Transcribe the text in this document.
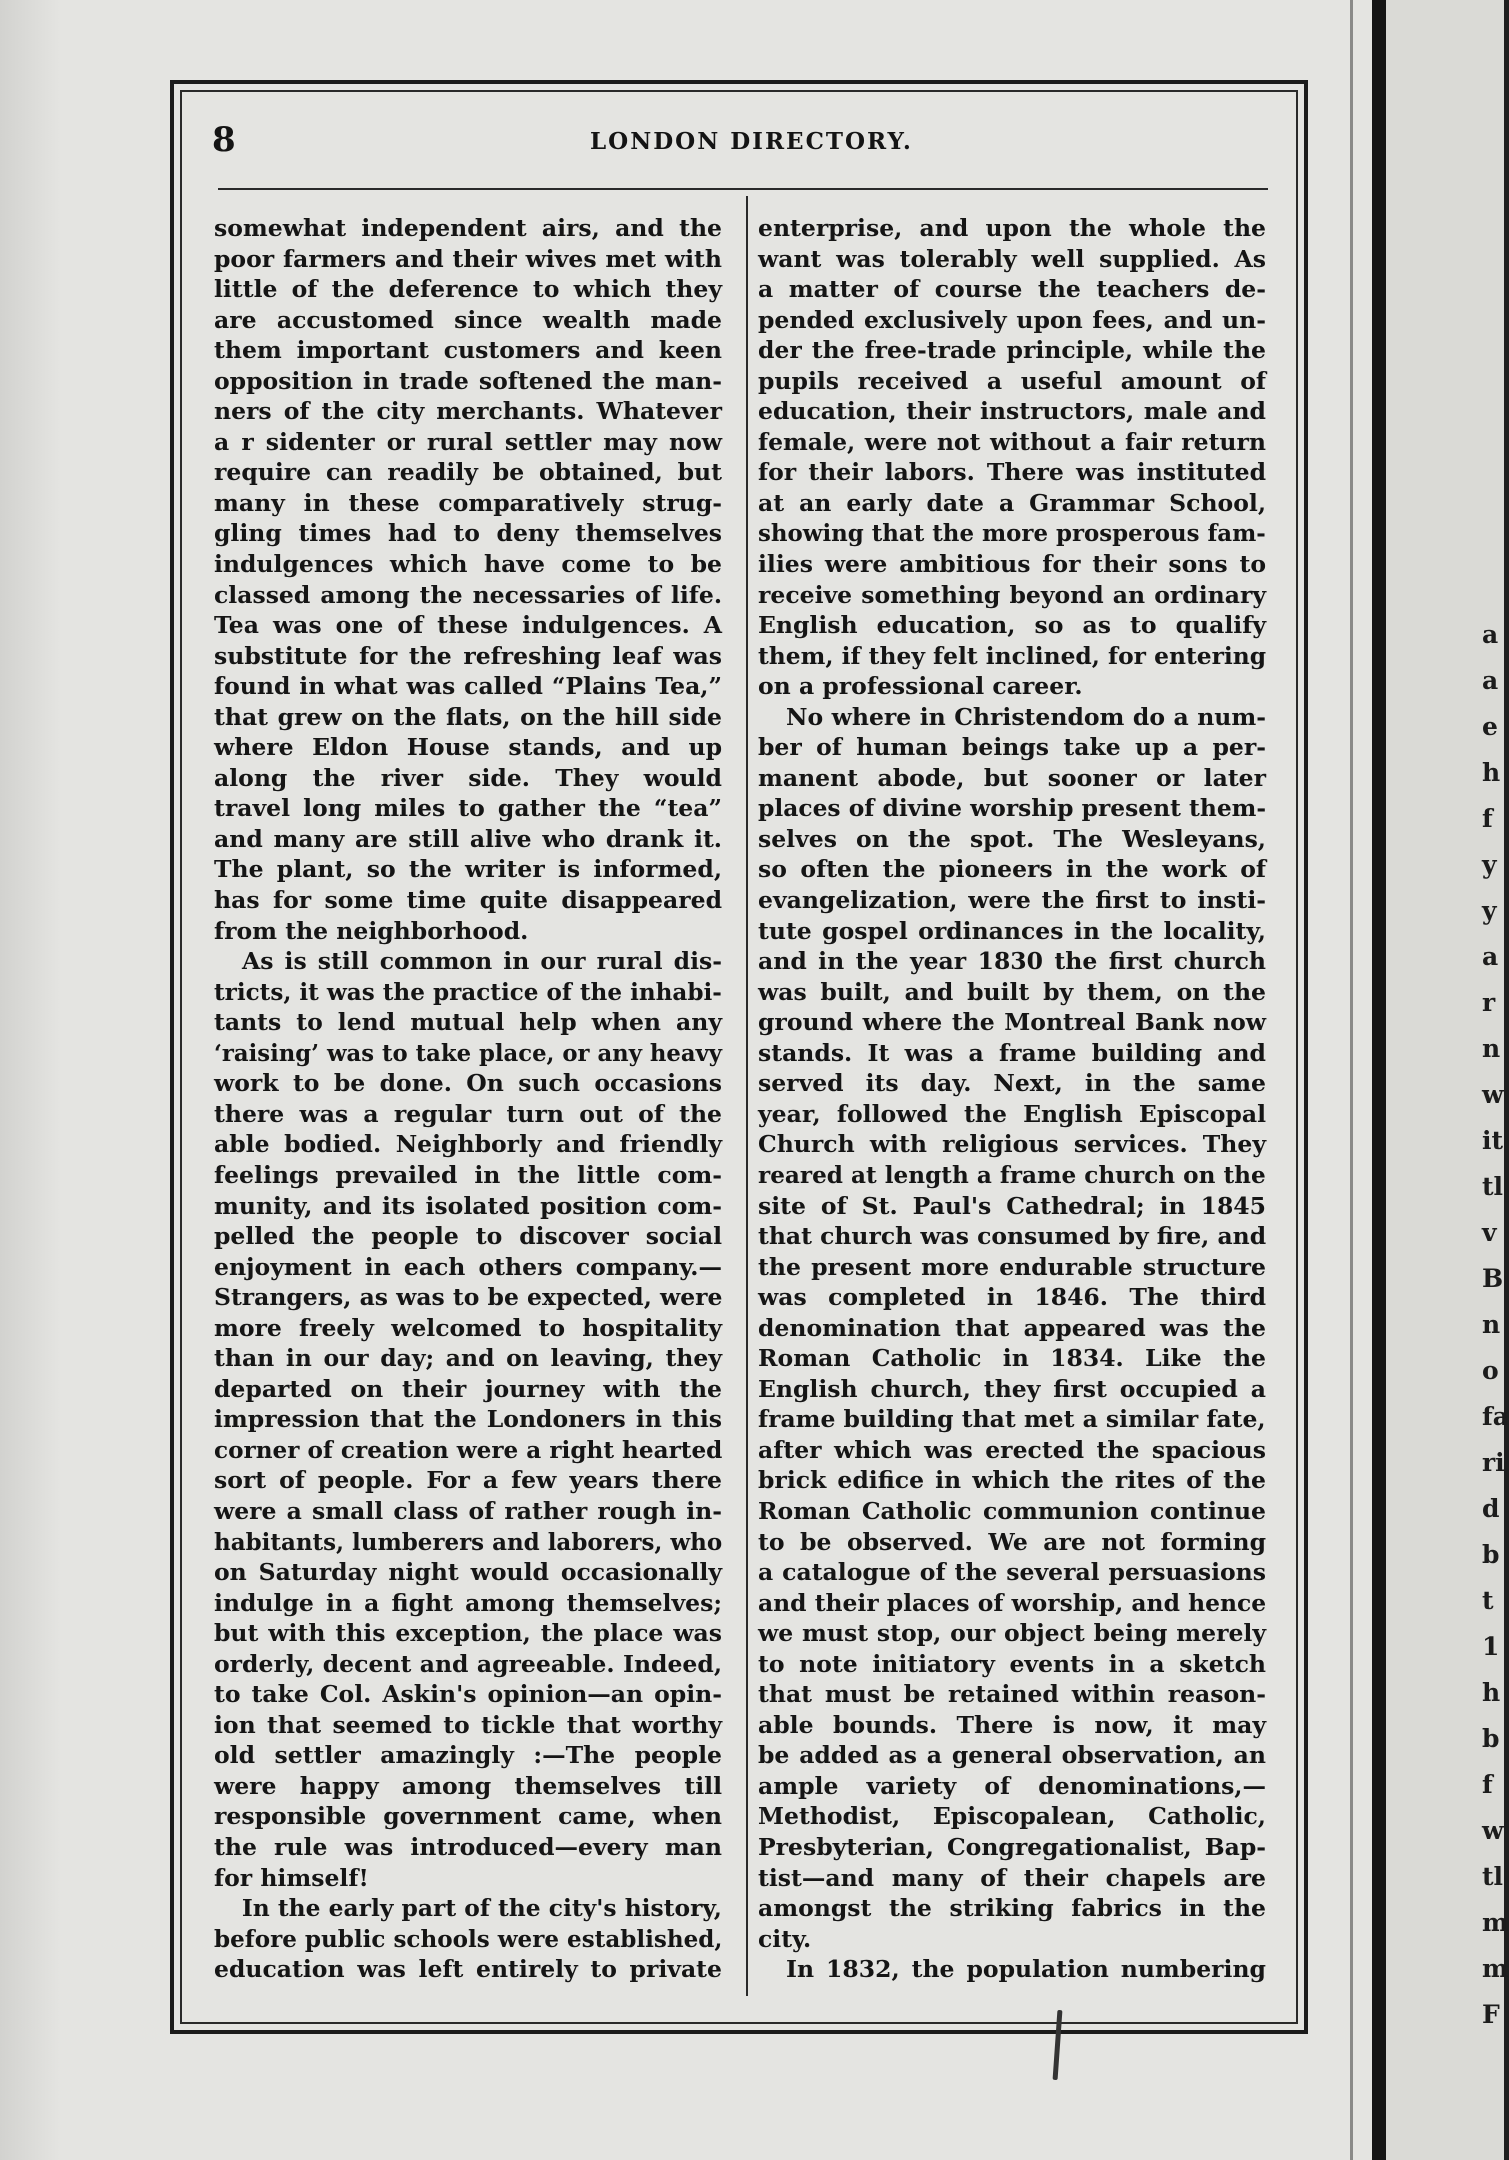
a
a
e
h
f
y
y
a
r
n
w
it
tl
v
B
n
o
fa
ri
d
b
t
1
h
b
f
w
tl
m
m
F
8	LONDON DIRECTORY.
somewhat independent airs, and the
poor farmers and their wives met with
little of the deference to which they
are accustomed since wealth made
them important customers and keen
opposition in trade softened the man-
ners of the city merchants. Whatever
a r sidenter or rural settler may now
require can readily be obtained, but
many in these comparatively strug-
gling times had to deny themselves
indulgences which have come to be
classed among the necessaries of life.
Tea was one of these indulgences. A
substitute for the refreshing leaf was
found in what was called “Plains Tea,”
that grew on the flats, on the hill side
where Eldon House stands, and up
along the river side. They would
travel long miles to gather the “tea”
and many are still alive who drank it.
The plant, so the writer is informed,
has for some time quite disappeared
from the neighborhood.
As is still common in our rural dis-
tricts, it was the practice of the inhabi-
tants to lend mutual help when any
‘raising’ was to take place, or any heavy
work to be done. On such occasions
there was a regular turn out of the
able bodied. Neighborly and friendly
feelings prevailed in the little com-
munity, and its isolated position com-
pelled the people to discover social
enjoyment in each others company.—
Strangers, as was to be expected, were
more freely welcomed to hospitality
than in our day; and on leaving, they
departed on their journey with the
impression that the Londoners in this
corner of creation were a right hearted
sort of people. For a few years there
were a small class of rather rough in-
habitants, lumberers and laborers, who
on Saturday night would occasionally
indulge in a fight among themselves;
but with this exception, the place was
orderly, decent and agreeable. Indeed,
to take Col. Askin's opinion—an opin-
ion that seemed to tickle that worthy
old settler amazingly :—The people
were happy among themselves till
responsible government came, when
the rule was introduced—every man
for himself!
In the early part of the city's history,
before public schools were established,
education was left entirely to private
enterprise, and upon the whole the
want was tolerably well supplied. As
a matter of course the teachers de-
pended exclusively upon fees, and un-
der the free-trade principle, while the
pupils received a useful amount of
education, their instructors, male and
female, were not without a fair return
for their labors. There was instituted
at an early date a Grammar School,
showing that the more prosperous fam-
ilies were ambitious for their sons to
receive something beyond an ordinary
English education, so as to qualify
them, if they felt inclined, for entering
on a professional career.
No where in Christendom do a num-
ber of human beings take up a per-
manent abode, but sooner or later
places of divine worship present them-
selves on the spot. The Wesleyans,
so often the pioneers in the work of
evangelization, were the first to insti-
tute gospel ordinances in the locality,
and in the year 1830 the first church
was built, and built by them, on the
ground where the Montreal Bank now
stands. It was a frame building and
served its day. Next, in the same
year, followed the English Episcopal
Church with religious services. They
reared at length a frame church on the
site of St. Paul's Cathedral; in 1845
that church was consumed by fire, and
the present more endurable structure
was completed in 1846. The third
denomination that appeared was the
Roman Catholic in 1834. Like the
English church, they first occupied a
frame building that met a similar fate,
after which was erected the spacious
brick edifice in which the rites of the
Roman Catholic communion continue
to be observed. We are not forming
a catalogue of the several persuasions
and their places of worship, and hence
we must stop, our object being merely
to note initiatory events in a sketch
that must be retained within reason-
able bounds. There is now, it may
be added as a general observation, an
ample variety of denominations,—
Methodist, Episcopalean, Catholic,
Presbyterian, Congregationalist, Bap-
tist—and many of their chapels are
amongst the striking fabrics in the
city.
In 1832, the population numbering
